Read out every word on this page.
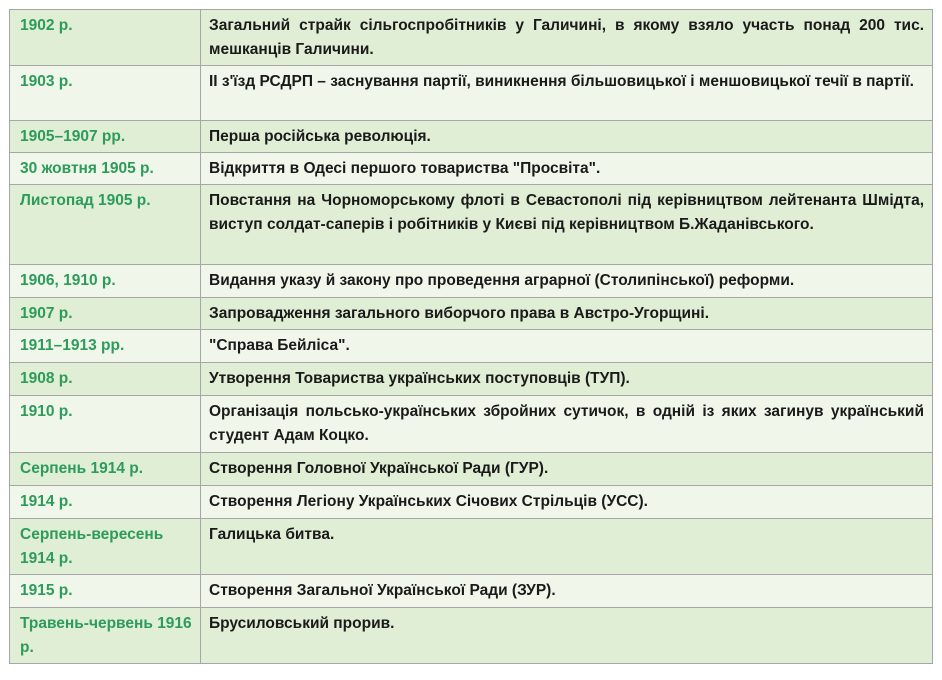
1902 р.	Загальний страйк сільгоспробітників у Галичині, в якому взяло участь понад 200 тис. мешканців Галичини.
1903 р.	II з'їзд РСДРП – заснування партії, виникнення більшовицької і меншовицької течії в партії.
1905–1907 рр.	Перша російська революція.
30 жовтня 1905 р.	Відкриття в Одесі першого товариства "Просвіта".
Листопад 1905 р.	Повстання на Чорноморському флоті в Севастополі під керівництвом лейтенанта Шмідта, виступ солдат-саперів і робітників у Києві під керівництвом Б.Жаданівського.
1906, 1910 р.	Видання указу й закону про проведення аграрної (Столипінської) реформи.
1907 р.	Запровадження загального виборчого права в Австро-Угорщині.
1911–1913 рр.	"Справа Бейліса".
1908 р.	Утворення Товариства українських поступовців (ТУП).
1910 р.	Організація польсько-українських збройних сутичок, в одній із яких загинув український студент Адам Коцко.
Серпень 1914 р.	Створення Головної Української Ради (ГУР).
1914 р.	Створення Легіону Українських Січових Стрільців (УСС).
Серпень-вересень 1914 р.	Галицька битва.
1915 р.	Створення Загальної Української Ради (ЗУР).
Травень-червень 1916 р.	Брусиловський прорив.
